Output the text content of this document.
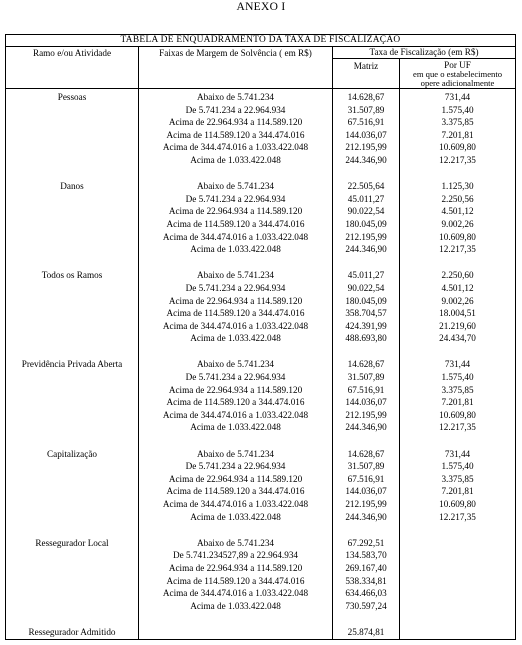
ANEXO I
TABELA DE ENQUADRAMENTO DA TAXA DE FISCALIZAÇÃO			
Ramo e/ou Atividade	Faixas de Margem de Solvência ( em R$)	Taxa de Fiscalização (em R$)	
		Matriz	Por UF
em que o estabelecimento
opere adicionalmente

Pessoas	Abaixo de 5.741.234	14.628,67	731,44
	De 5.741.234 a 22.964.934	31.507,89	1.575,40
	Acima de 22.964.934 a 114.589.120	67.516,91	3.375,85
	Acima de 114.589.120 a 344.474.016	144.036,07	7.201,81
	Acima de 344.474.016 a 1.033.422.048	212.195,99	10.609,80
	Acima de 1.033.422.048	244.346,90	12.217,35

Danos	Abaixo de 5.741.234	22.505,64	1.125,30
	De 5.741.234 a 22.964.934	45.011,27	2.250,56
	Acima de 22.964.934 a 114.589.120	90.022,54	4.501,12
	Acima de 114.589.120 a 344.474.016	180.045,09	9.002,26
	Acima de 344.474.016 a 1.033.422.048	212.195,99	10.609,80
	Acima de 1.033.422.048	244.346,90	12.217,35

Todos os Ramos	Abaixo de 5.741.234	45.011,27	2.250,60
	De 5.741.234 a 22.964.934	90.022,54	4.501,12
	Acima de 22.964.934 a 114.589.120	180.045,09	9.002,26
	Acima de 114.589.120 a 344.474.016	358.704,57	18.004,51
	Acima de 344.474.016 a 1.033.422.048	424.391,99	21.219,60
	Acima de 1.033.422.048	488.693,80	24.434,70

Previdência Privada Aberta	Abaixo de 5.741.234	14.628,67	731,44
	De 5.741.234 a 22.964.934	31.507,89	1.575,40
	Acima de 22.964.934 a 114.589.120	67.516,91	3.375,85
	Acima de 114.589.120 a 344.474.016	144.036,07	7.201,81
	Acima de 344.474.016 a 1.033.422.048	212.195,99	10.609,80
	Acima de 1.033.422.048	244.346,90	12.217,35

Capitalização	Abaixo de 5.741.234	14.628,67	731,44
	De 5.741.234 a 22.964.934	31.507,89	1.575,40
	Acima de 22.964.934 a 114.589.120	67.516,91	3.375,85
	Acima de 114.589.120 a 344.474.016	144.036,07	7.201,81
	Acima de 344.474.016 a 1.033.422.048	212.195,99	10.609,80
	Acima de 1.033.422.048	244.346,90	12.217,35

Ressegurador Local	Abaixo de 5.741.234	67.292,51	
	De 5.741.234527,89 a 22.964.934	134.583,70	
	Acima de 22.964.934 a 114.589.120	269.167,40	
	Acima de 114.589.120 a 344.474.016	538.334,81	
	Acima de 344.474.016 a 1.033.422.048	634.466,03	
	Acima de 1.033.422.048	730.597,24	

Ressegurador Admitido		25.874,81	
